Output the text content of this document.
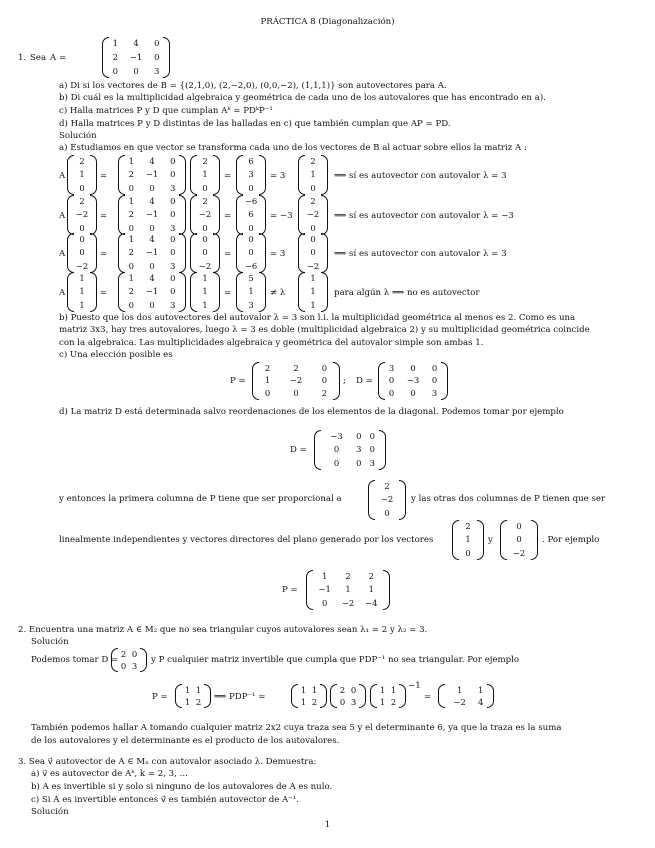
PRÁCTICA 8 (Diagonalización)
1. Sea A =
1	4	0
2	−1	0
0	0	3
a) Di si los vectores de B = {(2,1,0), (2,−2,0), (0,0,−2), (1,1,1)} son autovectores para A.
b) Di cuál es la multiplicidad algebraica y geométrica de cada uno de los autovalores que has encontrado en a).
c) Halla matrices P y D que cumplan Aᵏ = PDᵏP⁻¹
d) Halla matrices P y D distintas de las halladas en c) que también cumplan que AP = PD.
Solución
a) Estudiamos en que vector se transforma cada uno de los vectores de B al actuar sobre ellos la matriz A :
A
2
1
0
=
1	4	0
2	−1	0
0	0	3
2
1
0
=
6
3
0
= 3
2
1
0
⟹ sí es autovector con autovalor λ = 3
A
2
−2
0
=
1	4	0
2	−1	0
0	0	3
2
−2
0
=
−6
6
0
= −3
2
−2
0
⟹ sí es autovector con autovalor λ = −3
A
0
0
−2
=
1	4	0
2	−1	0
0	0	3
0
0
−2
=
0
0
−6
= 3
0
0
−2
⟹ sí es autovector con autovalor λ = 3
A
1
1
1
=
1	4	0
2	−1	0
0	0	3
1
1
1
=
5
1
3
≠ λ
1
1
1
para algún λ ⟹ no es autovector
b) Puesto que los dos autovectores del autovalor λ = 3 son l.i. la multiplicidad geométrica al menos es 2. Como es una
matriz 3x3, hay tres autovalores, luego λ = 3 es doble (multiplicidad algebraica 2) y su multiplicidad geométrica coincide
con la algebraica. Las multiplicidades algebraica y geométrica del autovalor simple son ambas 1.
c) Una elección posible es
P =
2	2	0
1	−2	0
0	0	2
; D =
3	0	0
0	−3	0
0	0	3
d) La matriz D está determinada salvo reordenaciones de los elementos de la diagonal. Podemos tomar por ejemplo
D =
−3	0	0
0	3	0
0	0	3
y entonces la primera columna de P tiene que ser proporcional a
2
−2
0
y las otras dos columnas de P tienen que ser
linealmente independientes y vectores directores del plano generado por los vectores
2
1
0
y
0
0
−2
. Por ejemplo
P =
1	2	2
−1	1	1
0	−2	−4
2. Encuentra una matriz A ∈ M₂ que no sea triangular cuyos autovalores sean λ₁ = 2 y λ₂ = 3.
Solución
Podemos tomar D =
2	0
0	3
y P cualquier matriz invertible que cumpla que PDP⁻¹ no sea triangular. Por ejemplo
P =
1	1
1	2 ⟹ PDP⁻¹ =
1	1
1	2
2	0
0	3
1	1
1	2
−1
=
1	1
−2	4
También podemos hallar A tomando cualquier matriz 2x2 cuya traza sea 5 y el determinante 6, ya que la traza es la suma
de los autovalores y el determinante es el producto de los autovalores.
3. Sea v⃗ autovector de A ∈ Mₙ con autovalor asociado λ. Demuestra:
a) v⃗ es autovector de Aᵏ, k = 2, 3, ...
b) A es invertible si y solo si ninguno de los autovalores de A es nulo.
c) Si A es invertible entonces v⃗ es también autovector de A⁻¹.
Solución
1
